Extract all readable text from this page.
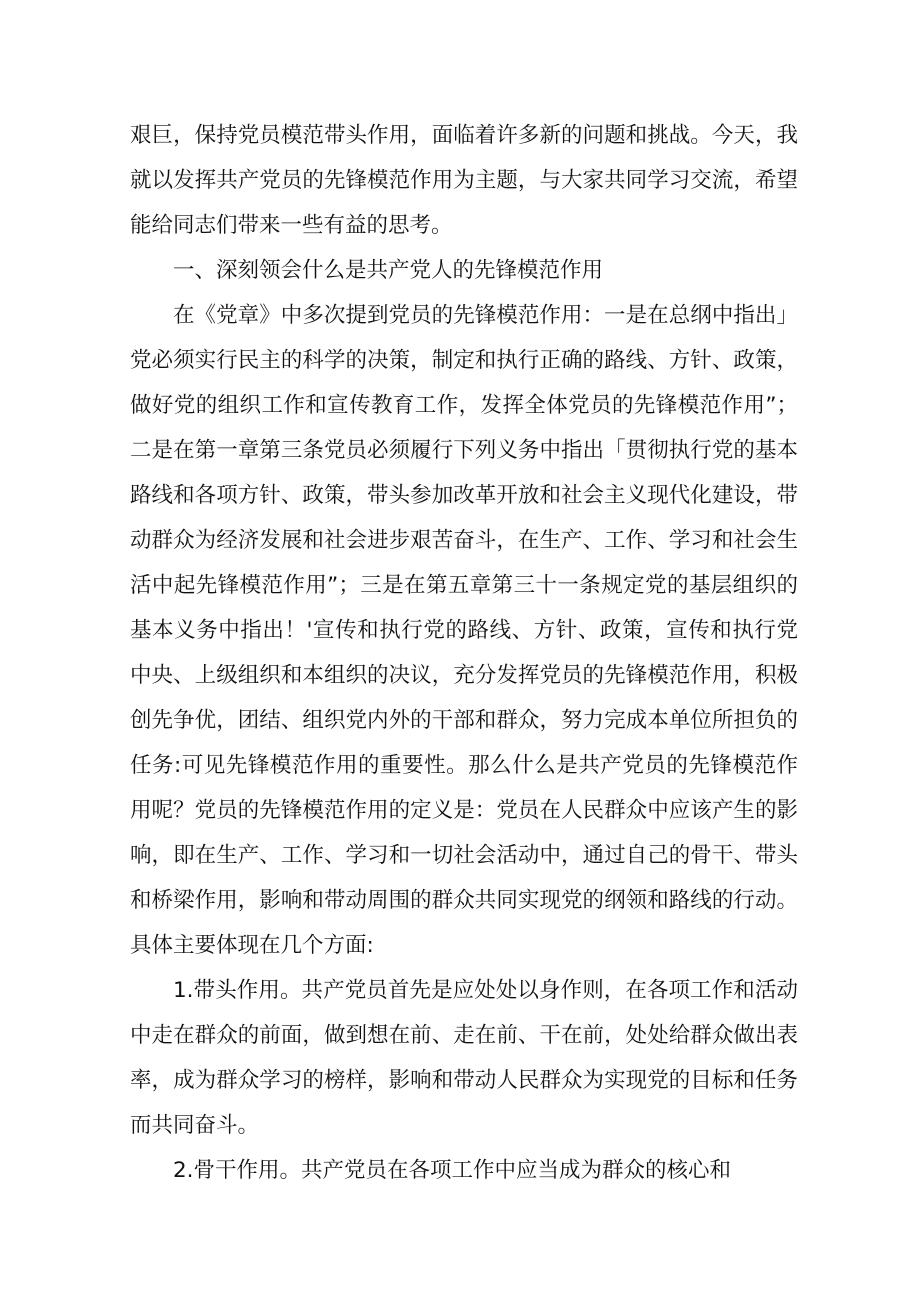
艰巨，保持党员模范带头作用，面临着许多新的问题和挑战。今天，我就以发挥共产党员的先锋模范作用为主题，与大家共同学习交流，希望能给同志们带来一些有益的思考。

一、深刻领会什么是共产党人的先锋模范作用

在《党章》中多次提到党员的先锋模范作用：一是在总纲中指出」党必须实行民主的科学的决策，制定和执行正确的路线、方针、政策，做好党的组织工作和宣传教育工作，发挥全体党员的先锋模范作用”；二是在第一章第三条党员必须履行下列义务中指出「贯彻执行党的基本路线和各项方针、政策，带头参加改革开放和社会主义现代化建设，带动群众为经济发展和社会进步艰苦奋斗，在生产、工作、学习和社会生活中起先锋模范作用”；三是在第五章第三十一条规定党的基层组织的基本义务中指出！'宣传和执行党的路线、方针、政策，宣传和执行党中央、上级组织和本组织的决议，充分发挥党员的先锋模范作用，积极创先争优，团结、组织党内外的干部和群众，努力完成本单位所担负的任务:可见先锋模范作用的重要性。那么什么是共产党员的先锋模范作用呢？党员的先锋模范作用的定义是：党员在人民群众中应该产生的影响，即在生产、工作、学习和一切社会活动中，通过自己的骨干、带头和桥梁作用，影响和带动周围的群众共同实现党的纲领和路线的行动。具体主要体现在几个方面:

1.带头作用。共产党员首先是应处处以身作则，在各项工作和活动中走在群众的前面，做到想在前、走在前、干在前，处处给群众做出表率，成为群众学习的榜样，影响和带动人民群众为实现党的目标和任务而共同奋斗。

2.骨干作用。共产党员在各项工作中应当成为群众的核心和
